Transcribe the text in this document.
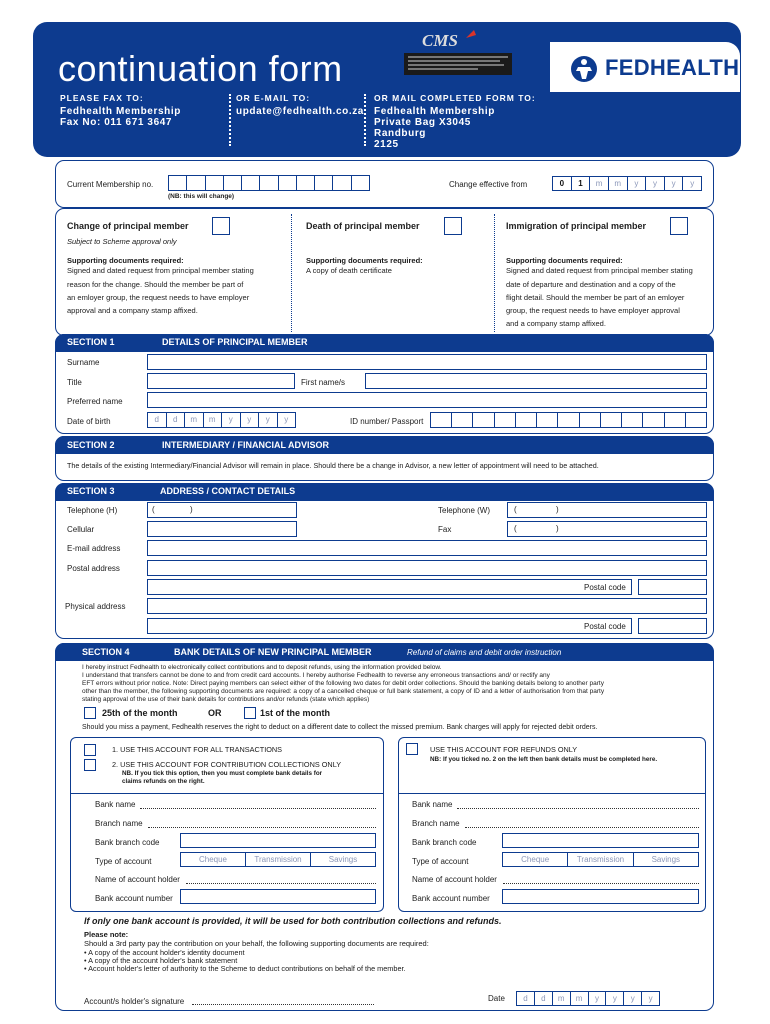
continuation form
CMS
FEDHEALTH
PLEASE FAX TO:
Fedhealth Membership
Fax No: 011 671 3647
OR E-MAIL TO:
update@fedhealth.co.za
OR MAIL COMPLETED FORM TO:
Fedhealth Membership
Private Bag X3045
Randburg
2125
Current Membership no.
(NB: this will change)
Change effective from	0	1	m	m	y	y	y	y
Change of principal member
Subject to Scheme approval only
Supporting documents required:
Signed and dated request from principal member stating
reason for the change. Should the member be part of
an emloyer group, the request needs to have employer
approval and a company stamp affixed.
Death of principal member
Supporting documents required:
A copy of death certificate
Immigration of principal member
Supporting documents required:
Signed and dated request from principal member stating
date of departure and destination and a copy of the
flight detail. Should the member be part of an emloyer
group, the request needs to have employer approval
and a company stamp affixed.
SECTION 1	DETAILS OF PRINCIPAL MEMBER
Surname
Title	First name/s
Preferred name
Date of birth	d	d	m	m	y	y	y	y	ID number/ Passport
SECTION 2	INTERMEDIARY / FINANCIAL ADVISOR
The details of the existing Intermediary/Financial Advisor will remain in place. Should there be a change in Advisor, a new letter of appointment will need to be attached.
SECTION 3	ADDRESS / CONTACT DETAILS
Telephone (H)	(	)	Telephone (W)	(	)
Cellular	Fax	(	)
E-mail address
Postal address
Postal code
Physical address
Postal code
SECTION 4	BANK DETAILS OF NEW PRINCIPAL MEMBER	Refund of claims and debit order instruction
I hereby instruct Fedhealth to electronically collect contributions and to deposit refunds, using the information provided below.
I understand that transfers cannot be done to and from credit card accounts. I hereby authorise Fedhealth to reverse any erroneous transactions and/ or rectify any
EFT errors without prior notice. Note: Direct paying members can select either of the following two dates for debit order collections. Should the banking details belong to another party
other than the member, the following supporting documents are required: a copy of a cancelled cheque or full bank statement, a copy of ID and a letter of authorisation from that party
stating approval of the use of their bank details for contributions and/or refunds (state which applies)
25th of the month	OR	1st of the month
Should you miss a payment, Fedhealth reserves the right to deduct on a different date to collect the missed premium. Bank charges will apply for rejected debit orders.
1. USE THIS ACCOUNT FOR ALL TRANSACTIONS
2. USE THIS ACCOUNT FOR CONTRIBUTION COLLECTIONS ONLY
NB. If you tick this option, then you must complete bank details for
claims refunds on the right.
Bank name
Branch name
Bank branch code
Type of account	Cheque	Transmission	Savings
Name of account holder
Bank account number
USE THIS ACCOUNT FOR REFUNDS ONLY
NB: If you ticked no. 2 on the left then bank details must be completed here.
Bank name
Branch name
Bank branch code
Type of account	Cheque	Transmission	Savings
Name of account holder
Bank account number
If only one bank account is provided, it will be used for both contribution collections and refunds.
Please note:
Should a 3rd party pay the contribution on your behalf, the following supporting documents are required:
• A copy of the account holder's identity document
• A copy of the account holder's bank statement
• Account holder's letter of authority to the Scheme to deduct contributions on behalf of the member.
Account/s holder's signature	Date	d	d	m	m	y	y	y	y
